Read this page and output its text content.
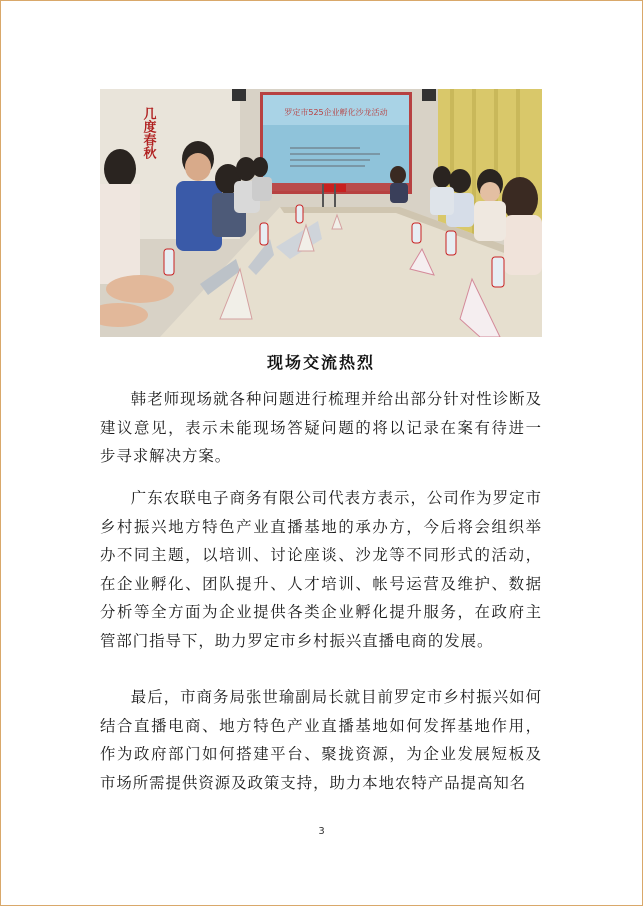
罗定市525企业孵化沙龙活动
几度春秋
现场交流热烈

韩老师现场就各种问题进行梳理并给出部分针对性诊断及建议意见，表示未能现场答疑问题的将以记录在案有待进一步寻求解决方案。

广东农联电子商务有限公司代表方表示，公司作为罗定市乡村振兴地方特色产业直播基地的承办方，今后将会组织举办不同主题，以培训、讨论座谈、沙龙等不同形式的活动，在企业孵化、团队提升、人才培训、帐号运营及维护、数据分析等全方面为企业提供各类企业孵化提升服务，在政府主管部门指导下，助力罗定市乡村振兴直播电商的发展。

最后，市商务局张世瑜副局长就目前罗定市乡村振兴如何结合直播电商、地方特色产业直播基地如何发挥基地作用，作为政府部门如何搭建平台、聚拢资源，为企业发展短板及市场所需提供资源及政策支持，助力本地农特产品提高知名

3
